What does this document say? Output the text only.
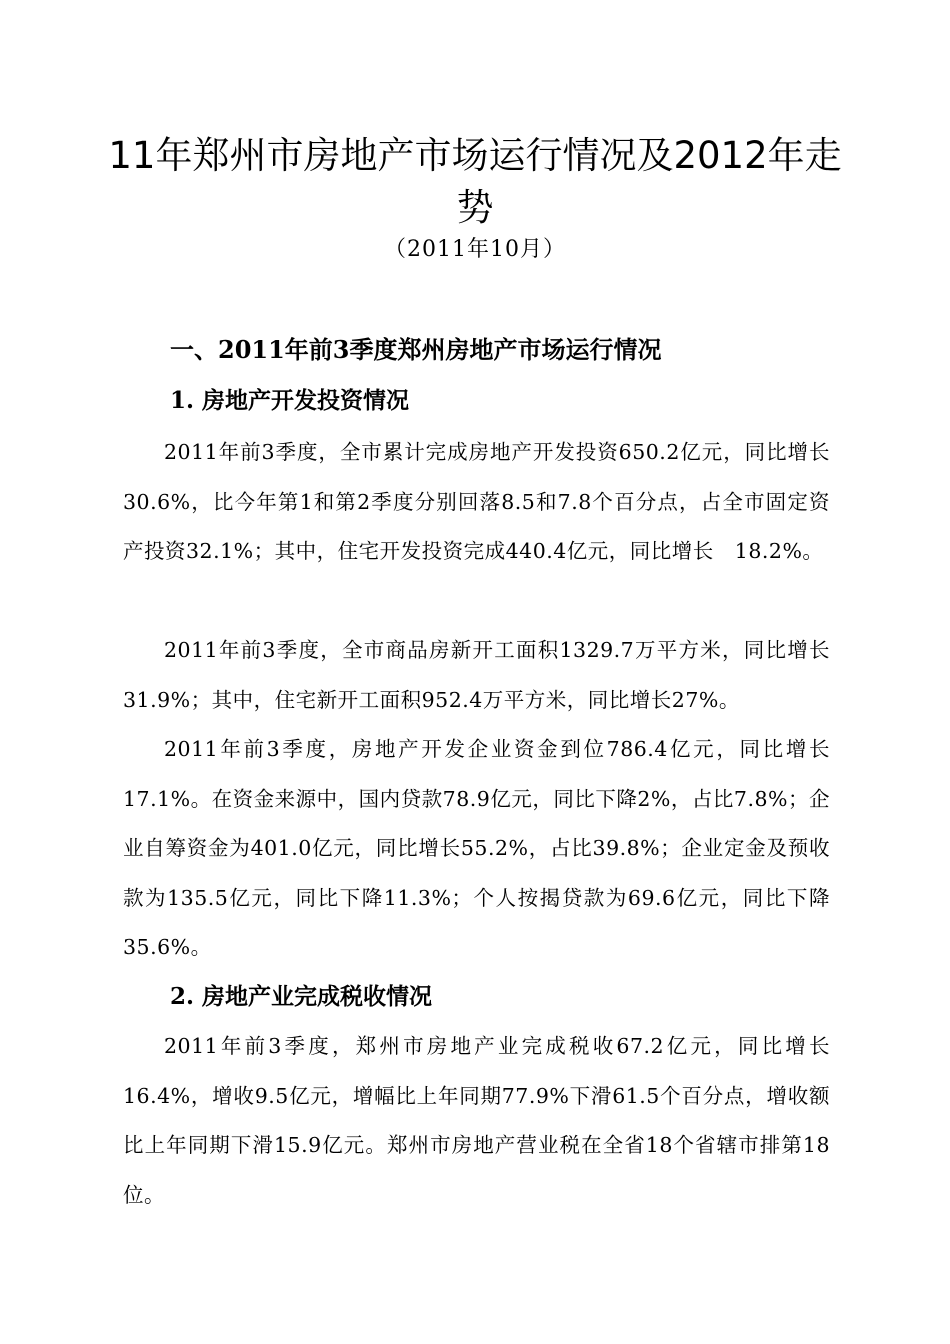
11年郑州市房地产市场运行情况及2012年走势
（2011年10月）
一、2011年前3季度郑州房地产市场运行情况
1. 房地产开发投资情况

2011年前3季度，全市累计完成房地产开发投资650.2亿元，同比增长30.6%，比今年第1和第2季度分别回落8.5和7.8个百分点，占全市固定资产投资32.1%；其中，住宅开发投资完成440.4亿元，同比增长　18.2%。

2011年前3季度，全市商品房新开工面积1329.7万平方米，同比增长31.9%；其中，住宅新开工面积952.4万平方米，同比增长27%。

2011年前3季度，房地产开发企业资金到位786.4亿元，同比增长17.1%。在资金来源中，国内贷款78.9亿元，同比下降2%，占比7.8%；企业自筹资金为401.0亿元，同比增长55.2%，占比39.8%；企业定金及预收款为135.5亿元，同比下降11.3%；个人按揭贷款为69.6亿元，同比下降35.6%。

2. 房地产业完成税收情况

2011年前3季度，郑州市房地产业完成税收67.2亿元，同比增长16.4%，增收9.5亿元，增幅比上年同期77.9%下滑61.5个百分点，增收额比上年同期下滑15.9亿元。郑州市房地产营业税在全省18个省辖市排第18位。
